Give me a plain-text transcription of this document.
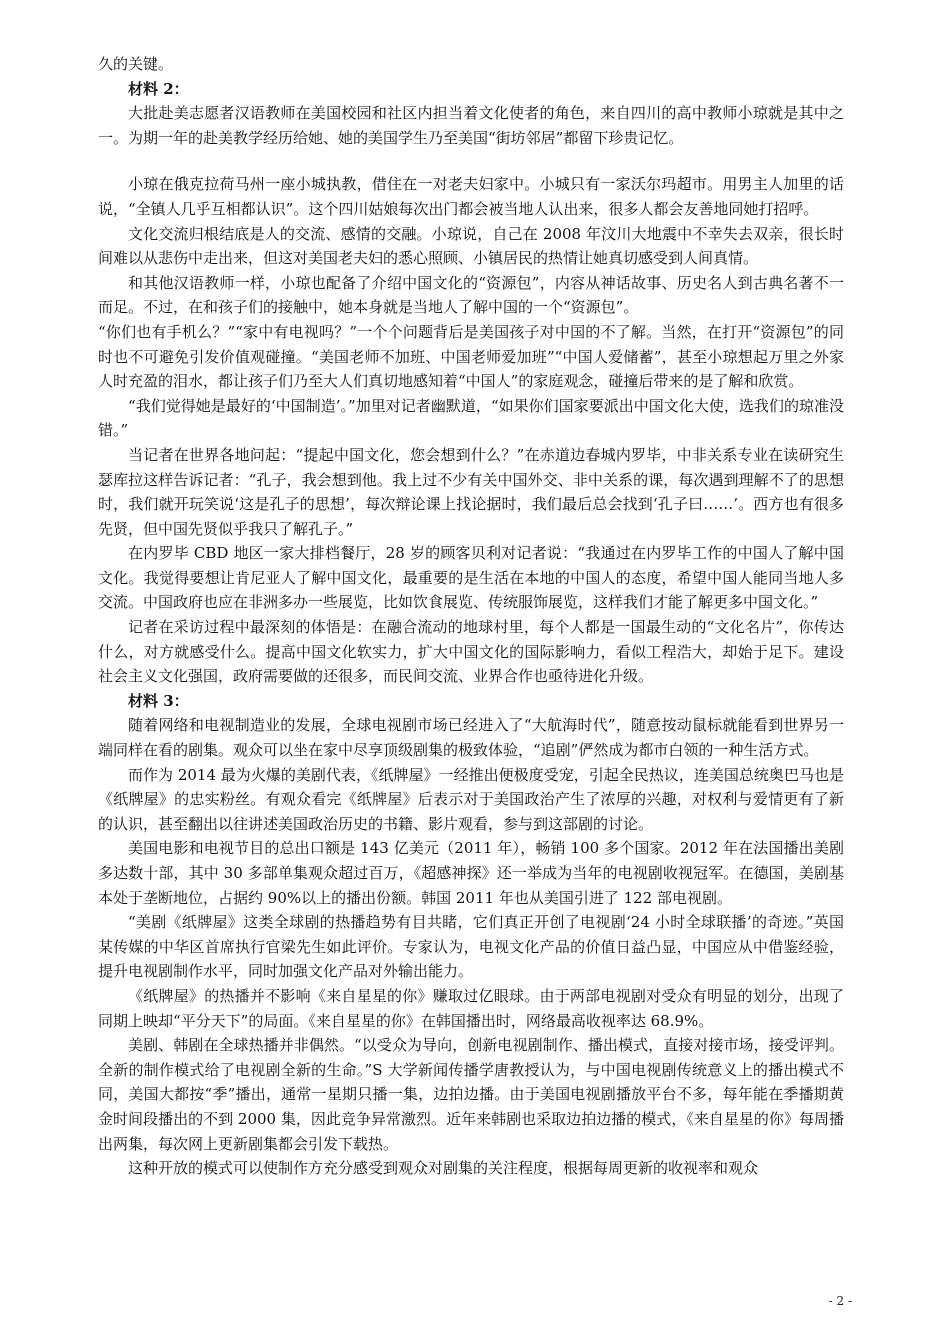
久的关键。

材料 2：

大批赴美志愿者汉语教师在美国校园和社区内担当着文化使者的角色，来自四川的高中教师小琼就是其中之一。为期一年的赴美教学经历给她、她的美国学生乃至美国“街坊邻居”都留下珍贵记忆。

小琼在俄克拉荷马州一座小城执教，借住在一对老夫妇家中。小城只有一家沃尔玛超市。用男主人加里的话说，“全镇人几乎互相都认识”。这个四川姑娘每次出门都会被当地人认出来，很多人都会友善地同她打招呼。

文化交流归根结底是人的交流、感情的交融。小琼说，自己在 2008 年汶川大地震中不幸失去双亲，很长时间难以从悲伤中走出来，但这对美国老夫妇的悉心照顾、小镇居民的热情让她真切感受到人间真情。

和其他汉语教师一样，小琼也配备了介绍中国文化的“资源包”，内容从神话故事、历史名人到古典名著不一而足。不过，在和孩子们的接触中，她本身就是当地人了解中国的一个“资源包”。

“你们也有手机么？”“家中有电视吗？”一个个问题背后是美国孩子对中国的不了解。当然，在打开“资源包”的同时也不可避免引发价值观碰撞。“美国老师不加班、中国老师爱加班”“中国人爱储蓄”，甚至小琼想起万里之外家人时充盈的泪水，都让孩子们乃至大人们真切地感知着“中国人”的家庭观念，碰撞后带来的是了解和欣赏。

“我们觉得她是最好的‘中国制造’。”加里对记者幽默道，“如果你们国家要派出中国文化大使，选我们的琼准没错。”

当记者在世界各地问起：“提起中国文化，您会想到什么？”在赤道边春城内罗毕，中非关系专业在读研究生瑟库拉这样告诉记者：“孔子，我会想到他。我上过不少有关中国外交、非中关系的课，每次遇到理解不了的思想时，我们就开玩笑说‘这是孔子的思想’，每次辩论课上找论据时，我们最后总会找到‘孔子曰……’。西方也有很多先贤，但中国先贤似乎我只了解孔子。”

在内罗毕 CBD 地区一家大排档餐厅，28 岁的顾客贝利对记者说：“我通过在内罗毕工作的中国人了解中国文化。我觉得要想让肯尼亚人了解中国文化，最重要的是生活在本地的中国人的态度，希望中国人能同当地人多交流。中国政府也应在非洲多办一些展览，比如饮食展览、传统服饰展览，这样我们才能了解更多中国文化。”

记者在采访过程中最深刻的体悟是：在融合流动的地球村里，每个人都是一国最生动的“文化名片”，你传达什么，对方就感受什么。提高中国文化软实力，扩大中国文化的国际影响力，看似工程浩大，却始于足下。建设社会主义文化强国，政府需要做的还很多，而民间交流、业界合作也亟待进化升级。

材料 3：

随着网络和电视制造业的发展，全球电视剧市场已经进入了“大航海时代”，随意按动鼠标就能看到世界另一端同样在看的剧集。观众可以坐在家中尽享顶级剧集的极致体验，“追剧”俨然成为都市白领的一种生活方式。

而作为 2014 最为火爆的美剧代表，《纸牌屋》一经推出便极度受宠，引起全民热议，连美国总统奥巴马也是《纸牌屋》的忠实粉丝。有观众看完《纸牌屋》后表示对于美国政治产生了浓厚的兴趣，对权利与爱情更有了新的认识，甚至翻出以往讲述美国政治历史的书籍、影片观看，参与到这部剧的讨论。

美国电影和电视节目的总出口额是 143 亿美元（2011 年），畅销 100 多个国家。2012 年在法国播出美剧多达数十部，其中 30 多部单集观众超过百万，《超感神探》还一举成为当年的电视剧收视冠军。在德国，美剧基本处于垄断地位，占据约 90%以上的播出份额。韩国 2011 年也从美国引进了 122 部电视剧。

“美剧《纸牌屋》这类全球剧的热播趋势有目共睹，它们真正开创了电视剧‘24 小时全球联播’的奇迹。”英国某传媒的中华区首席执行官梁先生如此评价。专家认为，电视文化产品的价值日益凸显，中国应从中借鉴经验，提升电视剧制作水平，同时加强文化产品对外输出能力。

《纸牌屋》的热播并不影响《来自星星的你》赚取过亿眼球。由于两部电视剧对受众有明显的划分，出现了同期上映却“平分天下”的局面。《来自星星的你》在韩国播出时，网络最高收视率达 68.9%。

美剧、韩剧在全球热播并非偶然。“以受众为导向，创新电视剧制作、播出模式，直接对接市场，接受评判。全新的制作模式给了电视剧全新的生命。”S 大学新闻传播学唐教授认为，与中国电视剧传统意义上的播出模式不同，美国大都按“季”播出，通常一星期只播一集，边拍边播。由于美国电视剧播放平台不多，每年能在季播期黄金时间段播出的不到 2000 集，因此竞争异常激烈。近年来韩剧也采取边拍边播的模式，《来自星星的你》每周播出两集，每次网上更新剧集都会引发下载热。

这种开放的模式可以使制作方充分感受到观众对剧集的关注程度，根据每周更新的收视率和观众

- 2 -
